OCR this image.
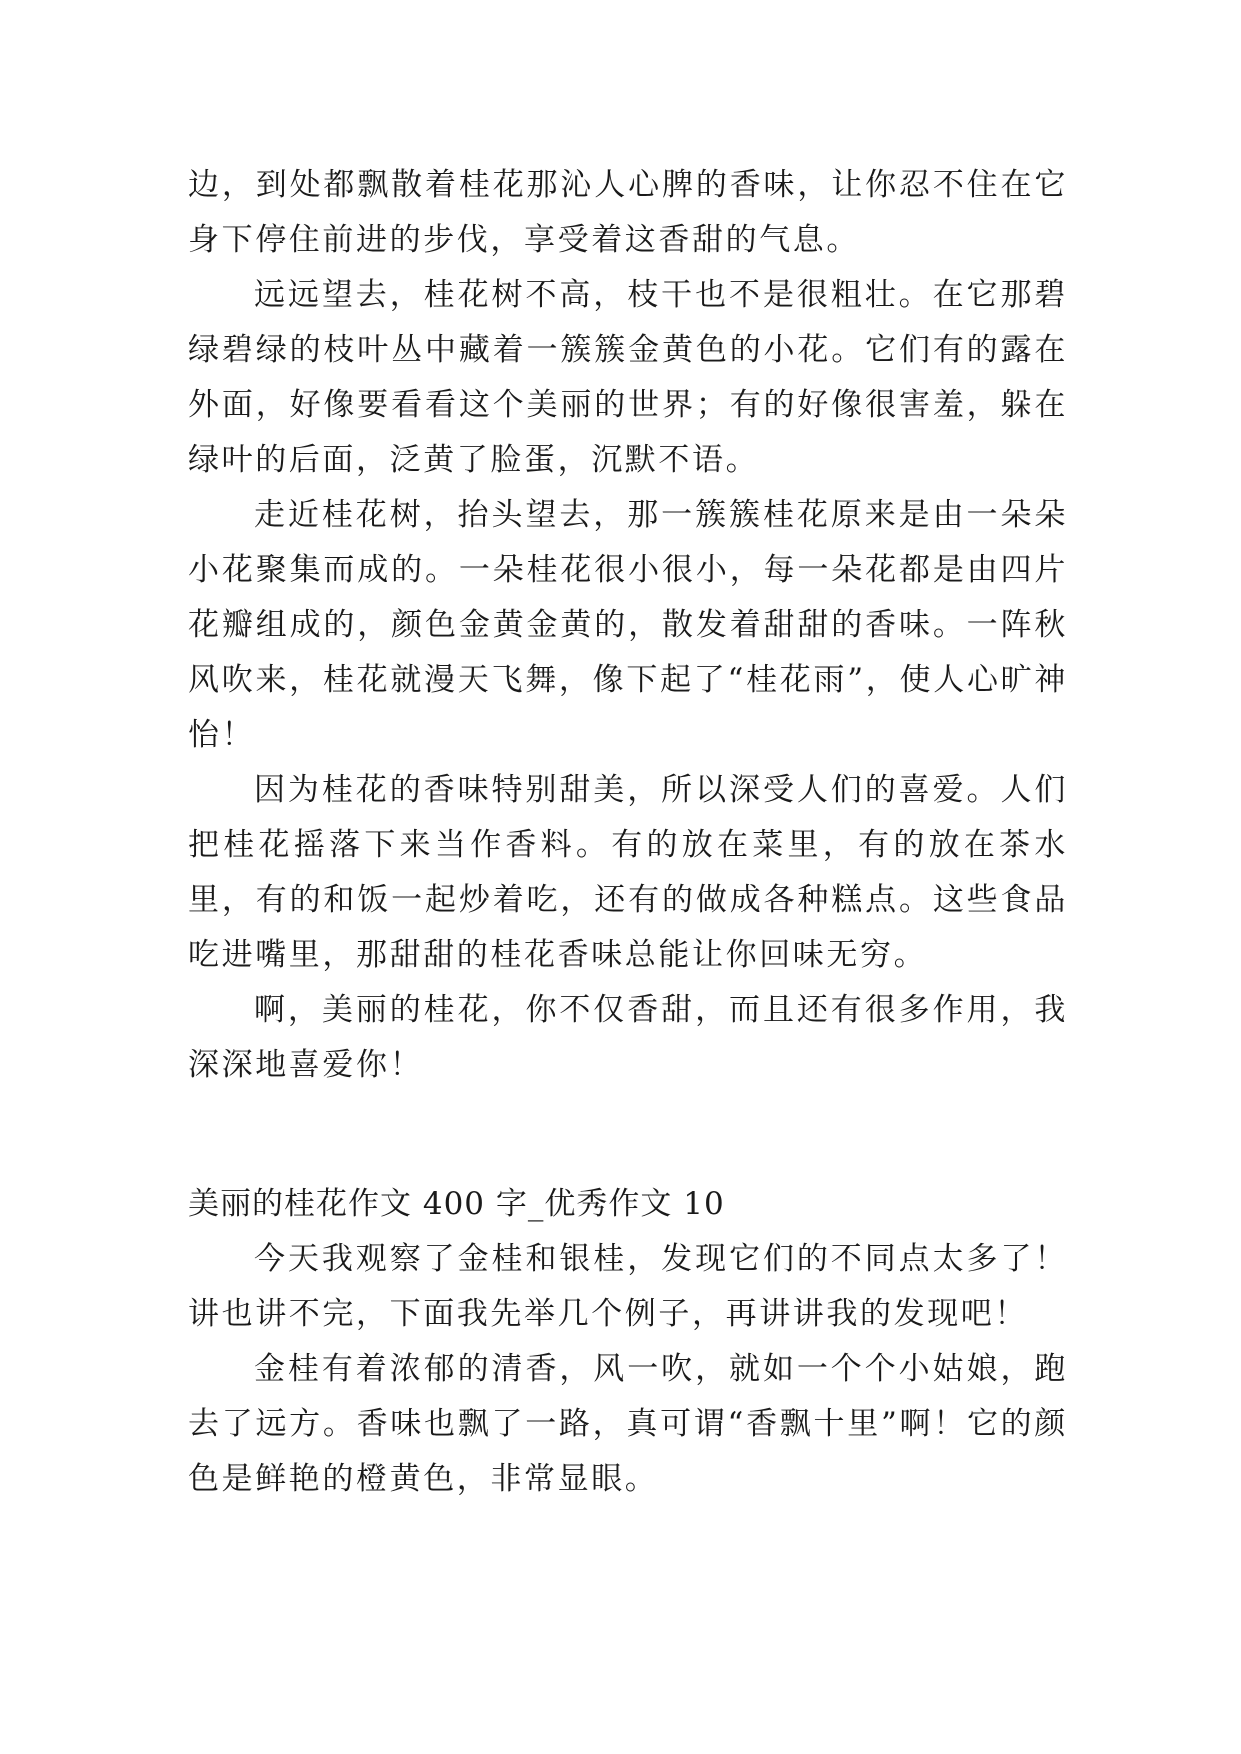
边，到处都飘散着桂花那沁人心脾的香味，让你忍不住在它身下停住前进的步伐，享受着这香甜的气息。

远远望去，桂花树不高，枝干也不是很粗壮。在它那碧绿碧绿的枝叶丛中藏着一簇簇金黄色的小花。它们有的露在外面，好像要看看这个美丽的世界；有的好像很害羞，躲在绿叶的后面，泛黄了脸蛋，沉默不语。

走近桂花树，抬头望去，那一簇簇桂花原来是由一朵朵小花聚集而成的。一朵桂花很小很小，每一朵花都是由四片花瓣组成的，颜色金黄金黄的，散发着甜甜的香味。一阵秋风吹来，桂花就漫天飞舞，像下起了“桂花雨”，使人心旷神怡！

因为桂花的香味特别甜美，所以深受人们的喜爱。人们把桂花摇落下来当作香料。有的放在菜里，有的放在茶水里，有的和饭一起炒着吃，还有的做成各种糕点。这些食品吃进嘴里，那甜甜的桂花香味总能让你回味无穷。

啊，美丽的桂花，你不仅香甜，而且还有很多作用，我深深地喜爱你！

美丽的桂花作文 400 字_优秀作文 10

今天我观察了金桂和银桂，发现它们的不同点太多了！讲也讲不完，下面我先举几个例子，再讲讲我的发现吧！

金桂有着浓郁的清香，风一吹，就如一个个小姑娘，跑去了远方。香味也飘了一路，真可谓“香飘十里”啊！它的颜色是鲜艳的橙黄色，非常显眼。
